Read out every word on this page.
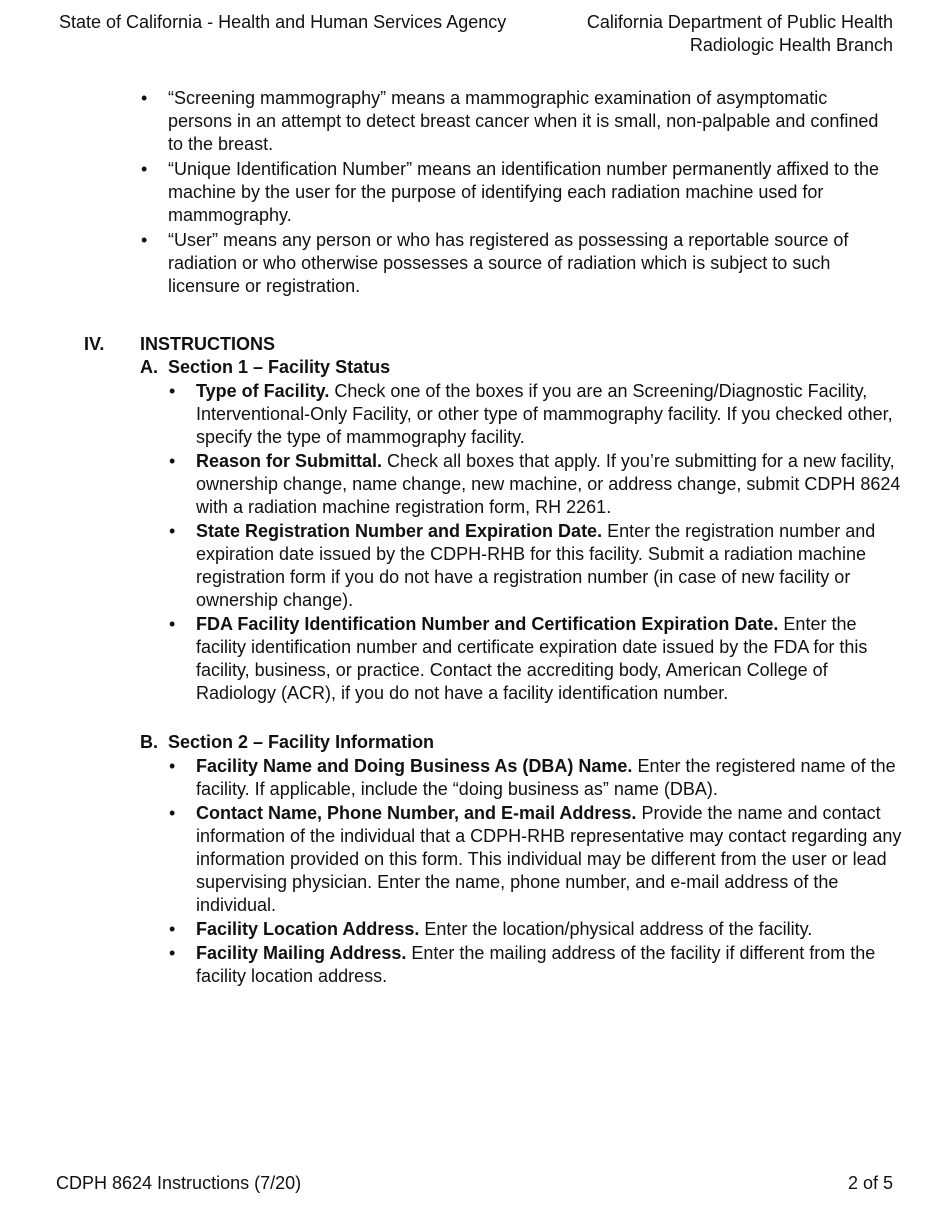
State of California - Health and Human Services Agency	California Department of Public Health
Radiologic Health Branch
• “Screening mammography” means a mammographic examination of asymptomatic persons in an attempt to detect breast cancer when it is small, non-palpable and confined to the breast.
• “Unique Identification Number” means an identification number permanently affixed to the machine by the user for the purpose of identifying each radiation machine used for mammography.
• “User” means any person or who has registered as possessing a reportable source of radiation or who otherwise possesses a source of radiation which is subject to such licensure or registration.
IV. INSTRUCTIONS
A. Section 1 – Facility Status
• Type of Facility. Check one of the boxes if you are an Screening/Diagnostic Facility, Interventional-Only Facility, or other type of mammography facility. If you checked other, specify the type of mammography facility.
• Reason for Submittal. Check all boxes that apply. If you’re submitting for a new facility, ownership change, name change, new machine, or address change, submit CDPH 8624 with a radiation machine registration form, RH 2261.
• State Registration Number and Expiration Date. Enter the registration number and expiration date issued by the CDPH-RHB for this facility. Submit a radiation machine registration form if you do not have a registration number (in case of new facility or ownership change).
• FDA Facility Identification Number and Certification Expiration Date. Enter the facility identification number and certificate expiration date issued by the FDA for this facility, business, or practice. Contact the accrediting body, American College of Radiology (ACR), if you do not have a facility identification number.
B. Section 2 – Facility Information
• Facility Name and Doing Business As (DBA) Name. Enter the registered name of the facility. If applicable, include the “doing business as” name (DBA).
• Contact Name, Phone Number, and E-mail Address. Provide the name and contact information of the individual that a CDPH-RHB representative may contact regarding any information provided on this form. This individual may be different from the user or lead supervising physician. Enter the name, phone number, and e-mail address of the individual.
• Facility Location Address. Enter the location/physical address of the facility.
• Facility Mailing Address. Enter the mailing address of the facility if different from the facility location address.
CDPH 8624 Instructions (7/20)	2 of 5
